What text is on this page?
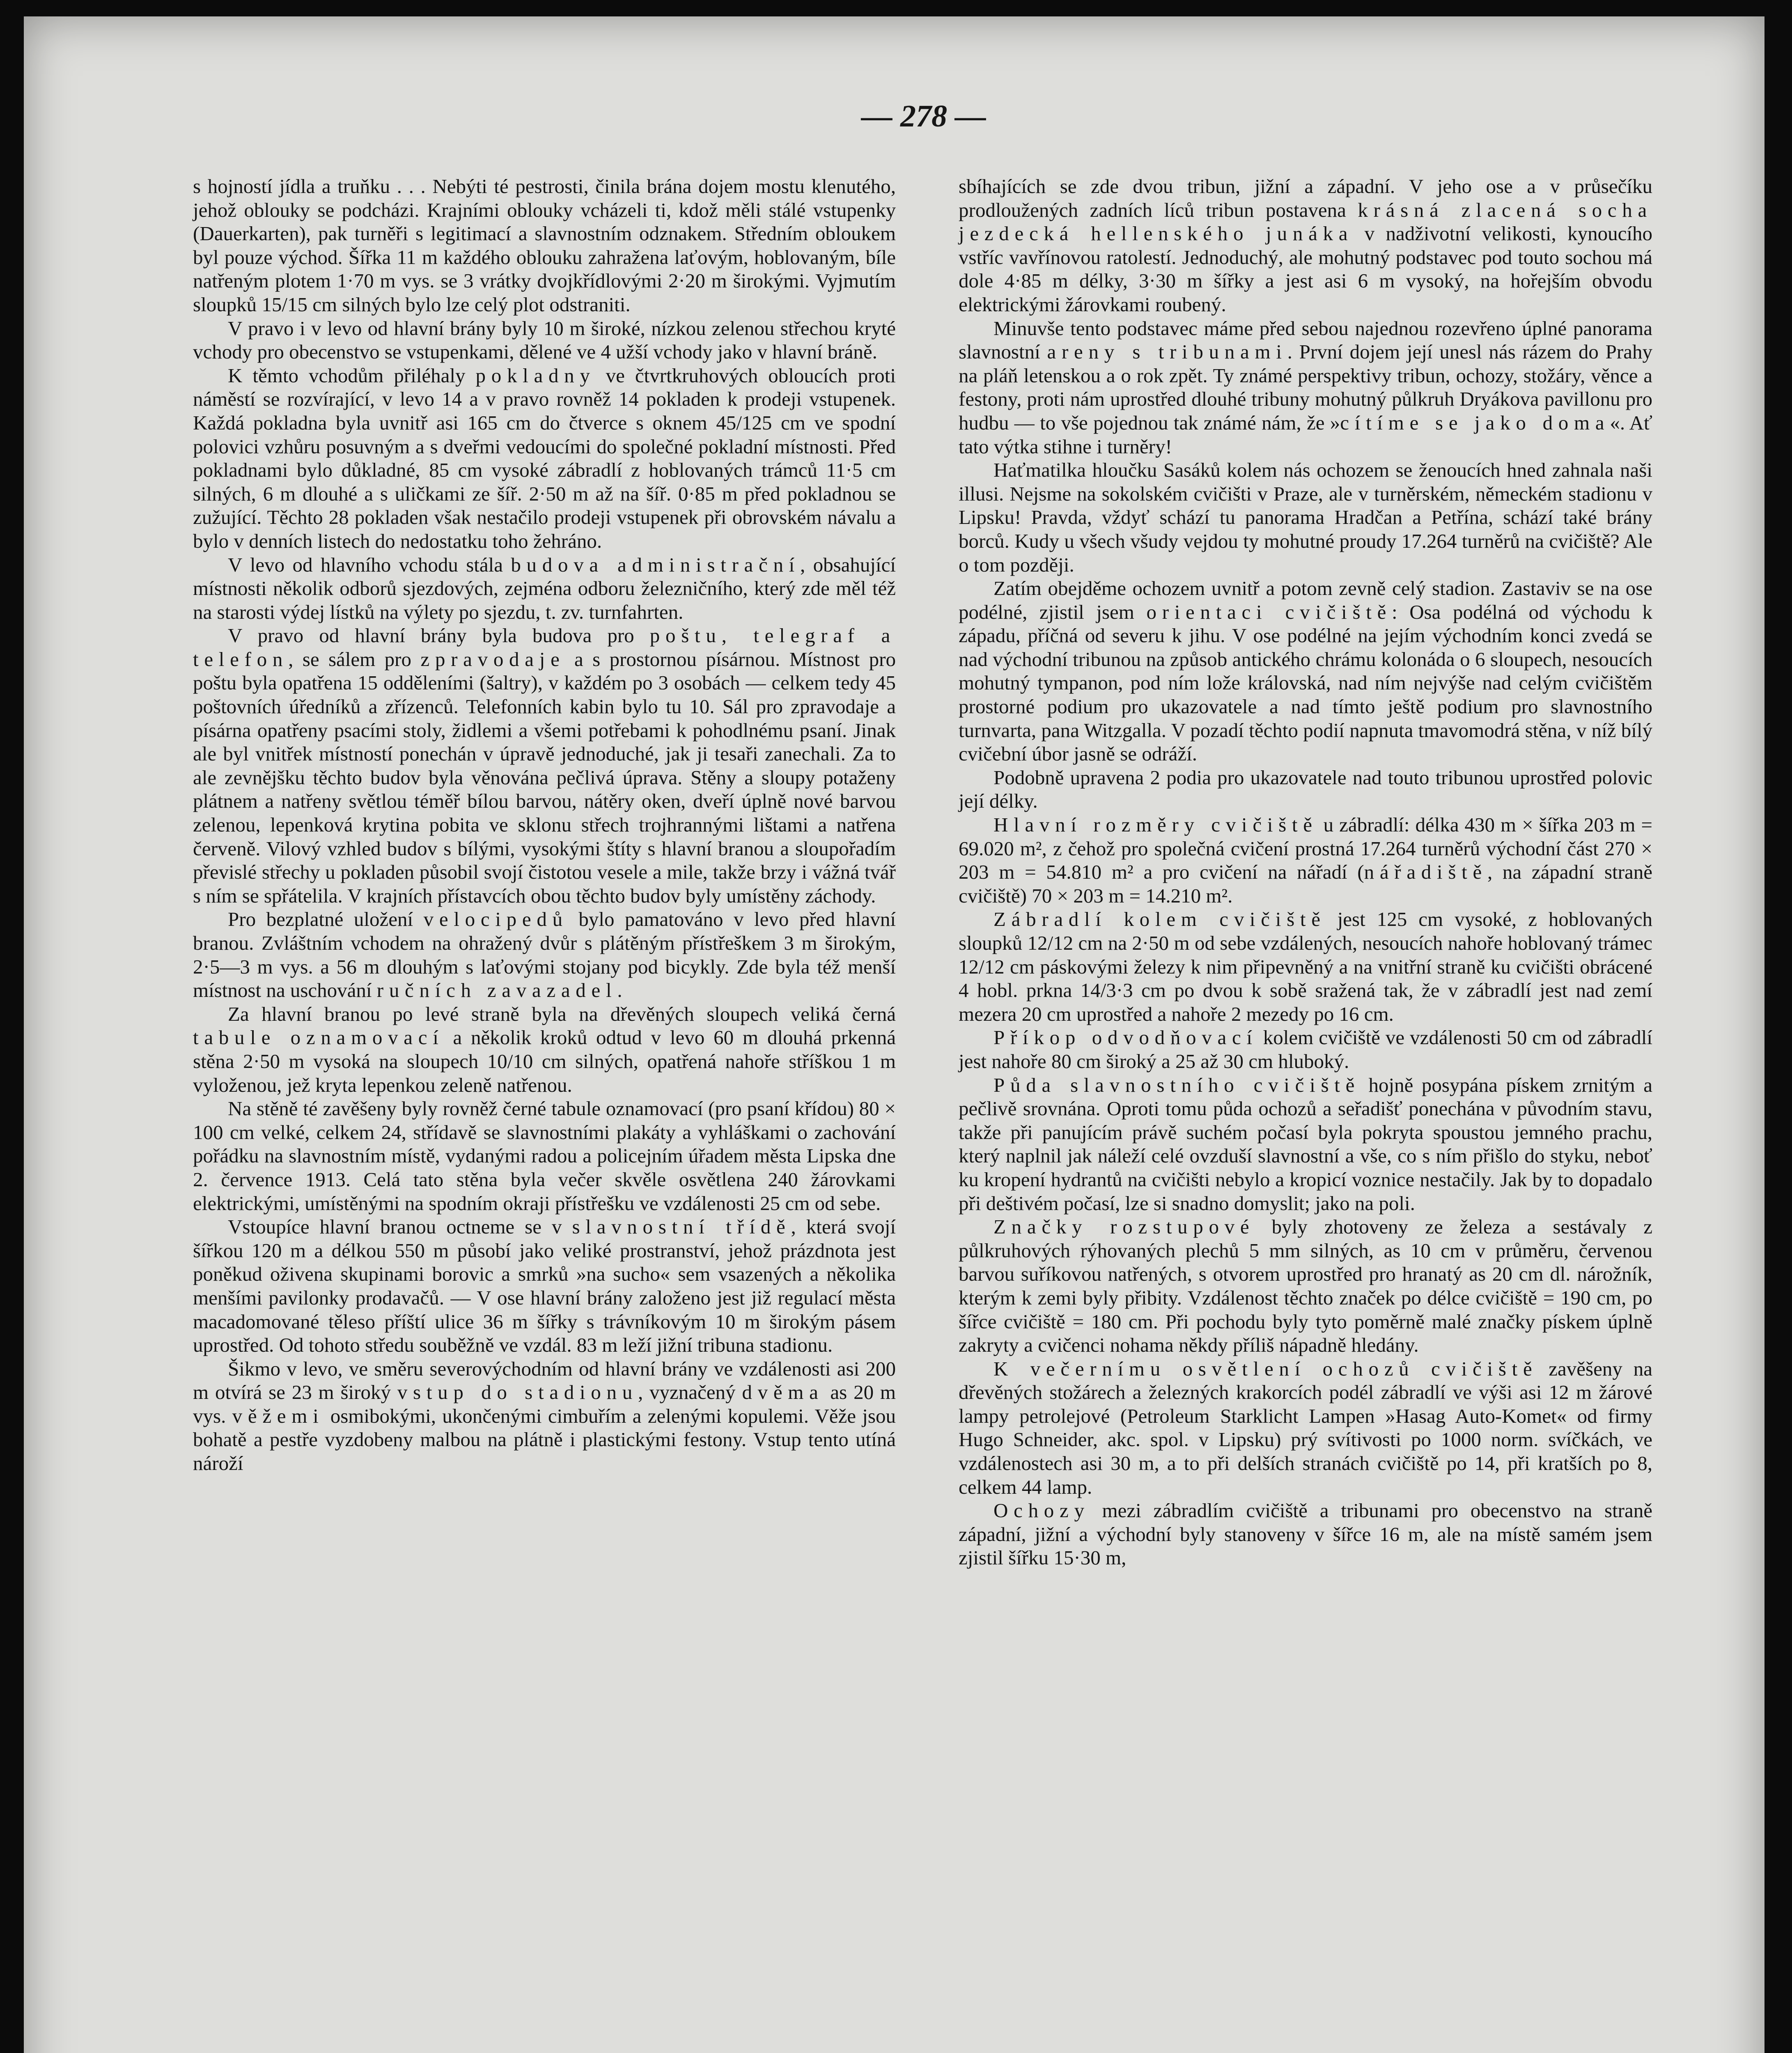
— 278 —

s hojností jídla a truňku . . . Nebýti té pestrosti, činila brána dojem mostu klenutého, jehož oblouky se podcházi. Krajními oblouky vcházeli ti, kdož měli stálé vstupenky (Dauerkarten), pak turněři s legitimací a slavnostním odznakem. Středním obloukem byl pouze východ. Šířka 11 m každého oblouku zahražena laťovým, hoblovaným, bíle natřeným plotem 1·70 m vys. se 3 vrátky dvojkřídlovými 2·20 m širokými. Vyjmutím sloupků 15/15 cm silných bylo lze celý plot odstraniti.

V pravo i v levo od hlavní brány byly 10 m široké, nízkou zelenou střechou kryté vchody pro obecenstvo se vstupenkami, dělené ve 4 užší vchody jako v hlavní bráně.

K těmto vchodům přiléhaly pokladny ve čtvrtkruhových obloucích proti náměstí se rozvírající, v levo 14 a v pravo rovněž 14 pokladen k prodeji vstupenek. Každá pokladna byla uvnitř asi 165 cm do čtverce s oknem 45/125 cm ve spodní polovici vzhůru posuvným a s dveřmi vedoucími do společné pokladní místnosti. Před pokladnami bylo důkladné, 85 cm vysoké zábradlí z hoblovaných trámců 11·5 cm silných, 6 m dlouhé a s uličkami ze šíř. 2·50 m až na šíř. 0·85 m před pokladnou se zužující. Těchto 28 pokladen však nestačilo prodeji vstupenek při obrovském návalu a bylo v denních listech do nedostatku toho žehráno.

V levo od hlavního vchodu stála budova administrační, obsahující místnosti několik odborů sjezdových, zejména odboru železničního, který zde měl též na starosti výdej lístků na výlety po sjezdu, t. zv. turnfahrten.

V pravo od hlavní brány byla budova pro poštu, telegraf a telefon, se sálem pro zpravodaje a s prostornou písárnou. Místnost pro poštu byla opatřena 15 odděleními (šaltry), v každém po 3 osobách — celkem tedy 45 poštovních úředníků a zřízenců. Telefonních kabin bylo tu 10. Sál pro zpravodaje a písárna opatřeny psacími stoly, židlemi a všemi potřebami k pohodlnému psaní. Jinak ale byl vnitřek místností ponechán v úpravě jednoduché, jak ji tesaři zanechali. Za to ale zevnějšku těchto budov byla věnována pečlivá úprava. Stěny a sloupy potaženy plátnem a natřeny světlou téměř bílou barvou, nátěry oken, dveří úplně nové barvou zelenou, lepenková krytina pobita ve sklonu střech trojhrannými lištami a natřena červeně. Vilový vzhled budov s bílými, vysokými štíty s hlavní branou a sloupořadím převislé střechy u pokladen působil svojí čistotou vesele a mile, takže brzy i vážná tvář s ním se spřátelila. V krajních přístavcích obou těchto budov byly umístěny záchody.

Pro bezplatné uložení velocipedů bylo pamatováno v levo před hlavní branou. Zvláštním vchodem na ohražený dvůr s plátěným přístřeškem 3 m širokým, 2·5—3 m vys. a 56 m dlouhým s laťovými stojany pod bicykly. Zde byla též menší místnost na uschování ručních zavazadel.

Za hlavní branou po levé straně byla na dřevěných sloupech veliká černá tabule oznamovací a několik kroků odtud v levo 60 m dlouhá prkenná stěna 2·50 m vysoká na sloupech 10/10 cm silných, opatřená nahoře stříškou 1 m vyloženou, jež kryta lepenkou zeleně natřenou.

Na stěně té zavěšeny byly rovněž černé tabule oznamovací (pro psaní křídou) 80 × 100 cm velké, celkem 24, střídavě se slavnostními plakáty a vyhláškami o zachování pořádku na slavnostním místě, vydanými radou a policejním úřadem města Lipska dne 2. července 1913. Celá tato stěna byla večer skvěle osvětlena 240 žárovkami elektrickými, umístěnými na spodním okraji přístřešku ve vzdálenosti 25 cm od sebe.

Vstoupíce hlavní branou octneme se v slavnostní třídě, která svojí šířkou 120 m a délkou 550 m působí jako veliké prostranství, jehož prázdnota jest poněkud oživena skupinami borovic a smrků »na sucho« sem vsazených a několika menšími pavilonky prodavačů. — V ose hlavní brány založeno jest již regulací města macadomované těleso příští ulice 36 m šířky s trávníkovým 10 m širokým pásem uprostřed. Od tohoto středu souběžně ve vzdál. 83 m leží jižní tribuna stadionu.

Šikmo v levo, ve směru severovýchodním od hlavní brány ve vzdálenosti asi 200 m otvírá se 23 m široký vstup do stadionu, vyznačený dvěma as 20 m vys. věžemi osmibokými, ukončenými cimbuřím a zelenými kopulemi. Věže jsou bohatě a pestře vyzdobeny malbou na plátně i plastickými festony. Vstup tento utíná nároží

sbíhajících se zde dvou tribun, jižní a západní. V jeho ose a v průsečíku prodloužených zadních líců tribun postavena krásná zlacená socha jezdecká hellenského junáka v nadživotní velikosti, kynoucího vstříc vavřínovou ratolestí. Jednoduchý, ale mohutný podstavec pod touto sochou má dole 4·85 m délky, 3·30 m šířky a jest asi 6 m vysoký, na hořejším obvodu elektrickými žárovkami roubený.

Minuvše tento podstavec máme před sebou najednou rozevřeno úplné panorama slavnostní areny s tribunami. První dojem její unesl nás rázem do Prahy na pláň letenskou a o rok zpět. Ty známé perspektivy tribun, ochozy, stožáry, věnce a festony, proti nám uprostřed dlouhé tribuny mohutný půlkruh Dryákova pavillonu pro hudbu — to vše pojednou tak známé nám, že »cítíme se jako doma«. Ať tato výtka stihne i turněry!

Haťmatilka hloučku Sasáků kolem nás ochozem se ženoucích hned zahnala naši illusi. Nejsme na sokolském cvičišti v Praze, ale v turněrském, německém stadionu v Lipsku! Pravda, vždyť schází tu panorama Hradčan a Petřína, schází také brány borců. Kudy u všech všudy vejdou ty mohutné proudy 17.264 turněrů na cvičiště? Ale o tom později.

Zatím obejděme ochozem uvnitř a potom zevně celý stadion. Zastaviv se na ose podélné, zjistil jsem orientaci cvičiště: Osa podélná od východu k západu, příčná od severu k jihu. V ose podélné na jejím východním konci zvedá se nad východní tribunou na způsob antického chrámu kolonáda o 6 sloupech, nesoucích mohutný tympanon, pod ním lože královská, nad ním nejvýše nad celým cvičištěm prostorné podium pro ukazovatele a nad tímto ještě podium pro slavnostního turnvarta, pana Witzgalla. V pozadí těchto podií napnuta tmavomodrá stěna, v níž bílý cvičební úbor jasně se odráží.

Podobně upravena 2 podia pro ukazovatele nad touto tribunou uprostřed polovic její délky.

Hlavní rozměry cvičiště u zábradlí: délka 430 m × šířka 203 m = 69.020 m², z čehož pro společná cvičení prostná 17.264 turněrů východní část 270 × 203 m = 54.810 m² a pro cvičení na nářadí (nářadiště, na západní straně cvičiště) 70 × 203 m = 14.210 m².

Zábradlí kolem cvičiště jest 125 cm vysoké, z hoblovaných sloupků 12/12 cm na 2·50 m od sebe vzdálených, nesoucích nahoře hoblovaný trámec 12/12 cm páskovými železy k nim připevněný a na vnitřní straně ku cvičišti obrácené 4 hobl. prkna 14/3·3 cm po dvou k sobě sražená tak, že v zábradlí jest nad zemí mezera 20 cm uprostřed a nahoře 2 mezedy po 16 cm.

Příkop odvodňovací kolem cvičiště ve vzdálenosti 50 cm od zábradlí jest nahoře 80 cm široký a 25 až 30 cm hluboký.

Půda slavnostního cvičiště hojně posypána pískem zrnitým a pečlivě srovnána. Oproti tomu půda ochozů a seřadišť ponechána v původním stavu, takže při panujícím právě suchém počasí byla pokryta spoustou jemného prachu, který naplnil jak náleží celé ovzduší slavnostní a vše, co s ním přišlo do styku, neboť ku kropení hydrantů na cvičišti nebylo a kropicí voznice nestačily. Jak by to dopadalo při deštivém počasí, lze si snadno domyslit; jako na poli.

Značky rozstupové byly zhotoveny ze železa a sestávaly z půlkruhových rýhovaných plechů 5 mm silných, as 10 cm v průměru, červenou barvou suříkovou natřených, s otvorem uprostřed pro hranatý as 20 cm dl. nárožník, kterým k zemi byly přibity. Vzdálenost těchto značek po délce cvičiště = 190 cm, po šířce cvičiště = 180 cm. Při pochodu byly tyto poměrně malé značky pískem úplně zakryty a cvičenci nohama někdy příliš nápadně hledány.

K večernímu osvětlení ochozů cvičiště zavěšeny na dřevěných stožárech a železných krakorcích podél zábradlí ve výši asi 12 m žárové lampy petrolejové (Petroleum Starklicht Lampen »Hasag Auto-Komet« od firmy Hugo Schneider, akc. spol. v Lipsku) prý svítivosti po 1000 norm. svíčkách, ve vzdálenostech asi 30 m, a to při delších stranách cvičiště po 14, při kratších po 8, celkem 44 lamp.

Ochozy mezi zábradlím cvičiště a tribunami pro obecenstvo na straně západní, jižní a východní byly stanoveny v šířce 16 m, ale na místě samém jsem zjistil šířku 15·30 m,
